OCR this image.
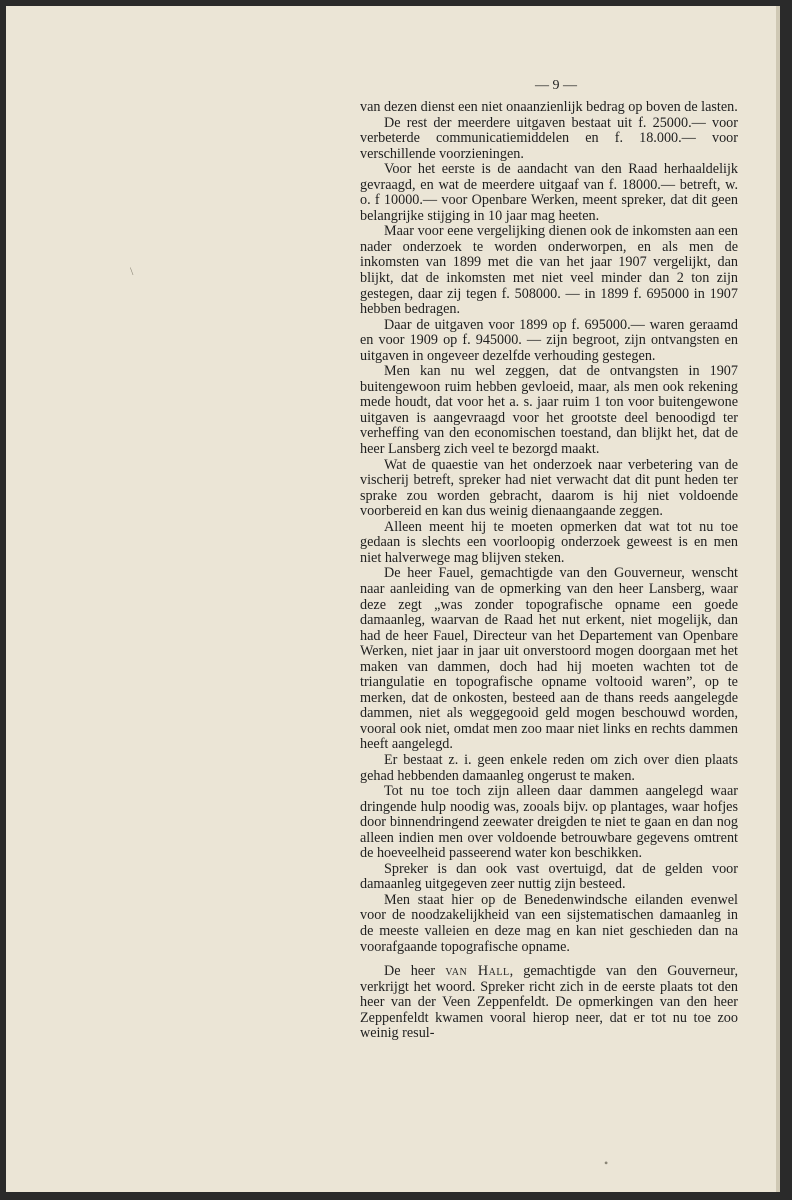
— 9 —

van dezen dienst een niet onaanzienlijk bedrag op boven de lasten.

De rest der meerdere uitgaven bestaat uit f. 25000.— voor verbeterde communicatiemiddelen en f. 18.000.— voor verschillende voorzieningen.

Voor het eerste is de aandacht van den Raad herhaaldelijk gevraagd, en wat de meerdere uitgaaf van f. 18000.— betreft, w. o. f 10000.— voor Openbare Werken, meent spreker, dat dit geen belangrijke stijging in 10 jaar mag heeten.

Maar voor eene vergelijking dienen ook de inkomsten aan een nader onderzoek te worden onderworpen, en als men de inkomsten van 1899 met die van het jaar 1907 vergelijkt, dan blijkt, dat de inkomsten met niet veel minder dan 2 ton zijn gestegen, daar zij tegen f. 508000. — in 1899 f. 695000 in 1907 hebben bedragen.

Daar de uitgaven voor 1899 op f. 695000.— waren geraamd en voor 1909 op f. 945000. — zijn begroot, zijn ontvangsten en uitgaven in ongeveer dezelfde verhouding gestegen.

Men kan nu wel zeggen, dat de ontvangsten in 1907 buitengewoon ruim hebben gevloeid, maar, als men ook rekening mede houdt, dat voor het a. s. jaar ruim 1 ton voor buitengewone uitgaven is aangevraagd voor het grootste deel benoodigd ter verheffing van den economischen toestand, dan blijkt het, dat de heer Lansberg zich veel te bezorgd maakt.

Wat de quaestie van het onderzoek naar verbetering van de vischerij betreft, spreker had niet verwacht dat dit punt heden ter sprake zou worden gebracht, daarom is hij niet voldoende voorbereid en kan dus weinig dienaangaande zeggen.

Alleen meent hij te moeten opmerken dat wat tot nu toe gedaan is slechts een voorloopig onderzoek geweest is en men niet halverwege mag blijven steken.

De heer Fauel, gemachtigde van den Gouverneur, wenscht naar aanleiding van de opmerking van den heer Lansberg, waar deze zegt „was zonder topografische opname een goede damaanleg, waarvan de Raad het nut erkent, niet mogelijk, dan had de heer Fauel, Directeur van het Departement van Openbare Werken, niet jaar in jaar uit onverstoord mogen doorgaan met het maken van dammen, doch had hij moeten wachten tot de triangulatie en topografische opname voltooid waren”, op te merken, dat de onkosten, besteed aan de thans reeds aangelegde dammen, niet als weggegooid geld mogen beschouwd worden, vooral ook niet, omdat men zoo maar niet links en rechts dammen heeft aangelegd.

Er bestaat z. i. geen enkele reden om zich over dien plaats gehad hebbenden damaanleg ongerust te maken.

Tot nu toe toch zijn alleen daar dammen aangelegd waar dringende hulp noodig was, zooals bijv. op plantages, waar hofjes door binnendringend zeewater dreigden te niet te gaan en dan nog alleen indien men over voldoende betrouwbare gegevens omtrent de hoeveelheid passeerend water kon beschikken.

Spreker is dan ook vast overtuigd, dat de gelden voor damaanleg uitgegeven zeer nuttig zijn besteed.

Men staat hier op de Benedenwindsche eilanden evenwel voor de noodzakelijkheid van een sijstematischen damaanleg in de meeste valleien en deze mag en kan niet geschieden dan na voorafgaande topografische opname.

De heer van Hall, gemachtigde van den Gouverneur, verkrijgt het woord. Spreker richt zich in de eerste plaats tot den heer van der Veen Zeppenfeldt. De opmerkingen van den heer Zeppenfeldt kwamen vooral hierop neer, dat er tot nu toe zoo weinig resul-

\
•
